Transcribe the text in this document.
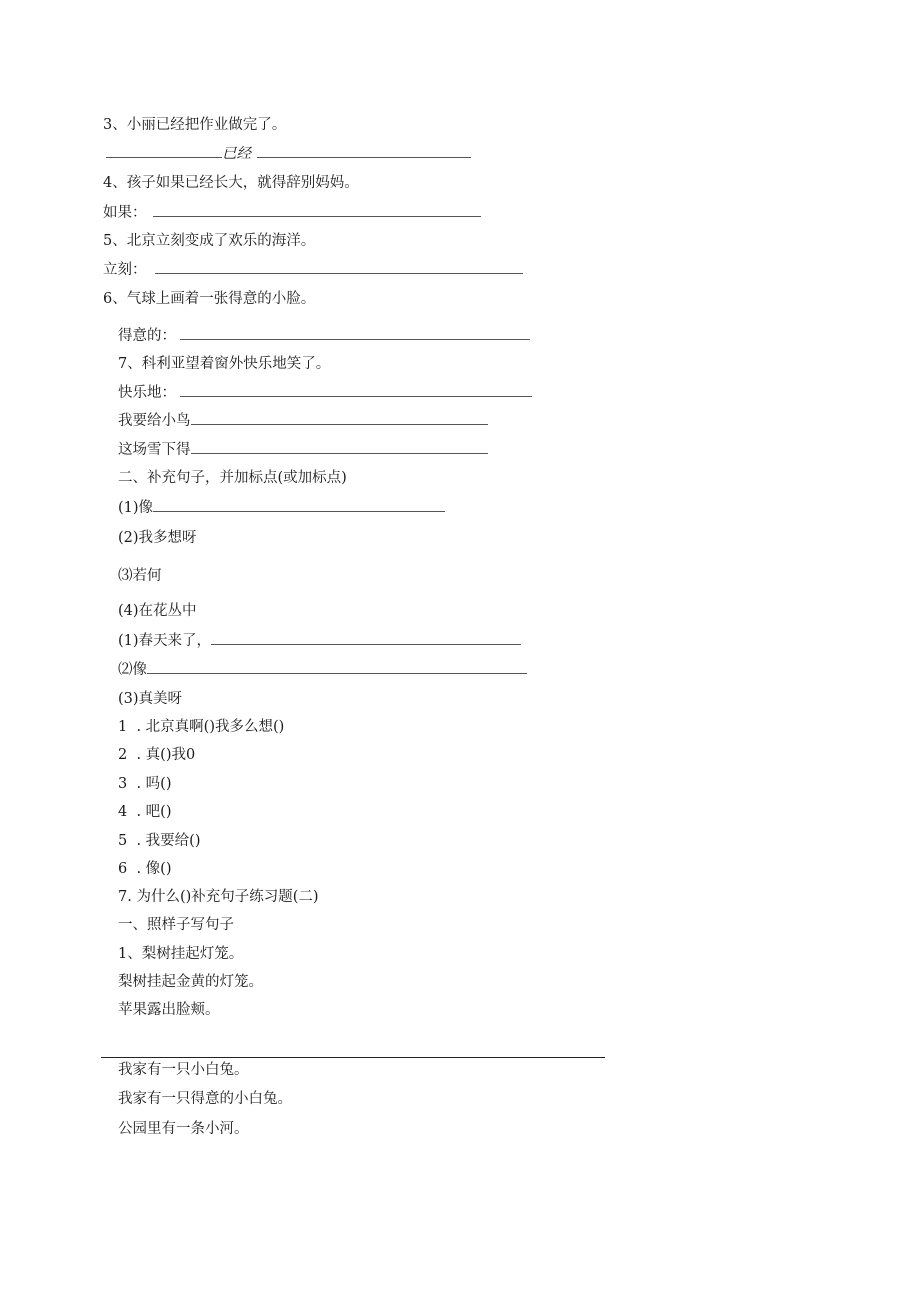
3、小丽已经把作业做完了。
已经
4、孩子如果已经长大，就得辞别妈妈。
如果：
5、北京立刻变成了欢乐的海洋。
立刻：
6、气球上画着一张得意的小脸。
得意的：
7、科利亚望着窗外快乐地笑了。
快乐地：
我要给小鸟
这场雪下得
二、补充句子，并加标点(或加标点)
(1)像
(2)我多想呀
⑶若何
(4)在花丛中
(1)春天来了，
⑵像
(3)真美呀
1  . 北京真啊()我多么想()
2  . 真()我0
3  . 吗()
4  . 吧()
5  . 我要给()
6  . 像()
7. 为什么()补充句子练习题(二)
一、照样子写句子
1、梨树挂起灯笼。
梨树挂起金黄的灯笼。
苹果露出脸颊。
我家有一只小白兔。
我家有一只得意的小白兔。
公园里有一条小河。
